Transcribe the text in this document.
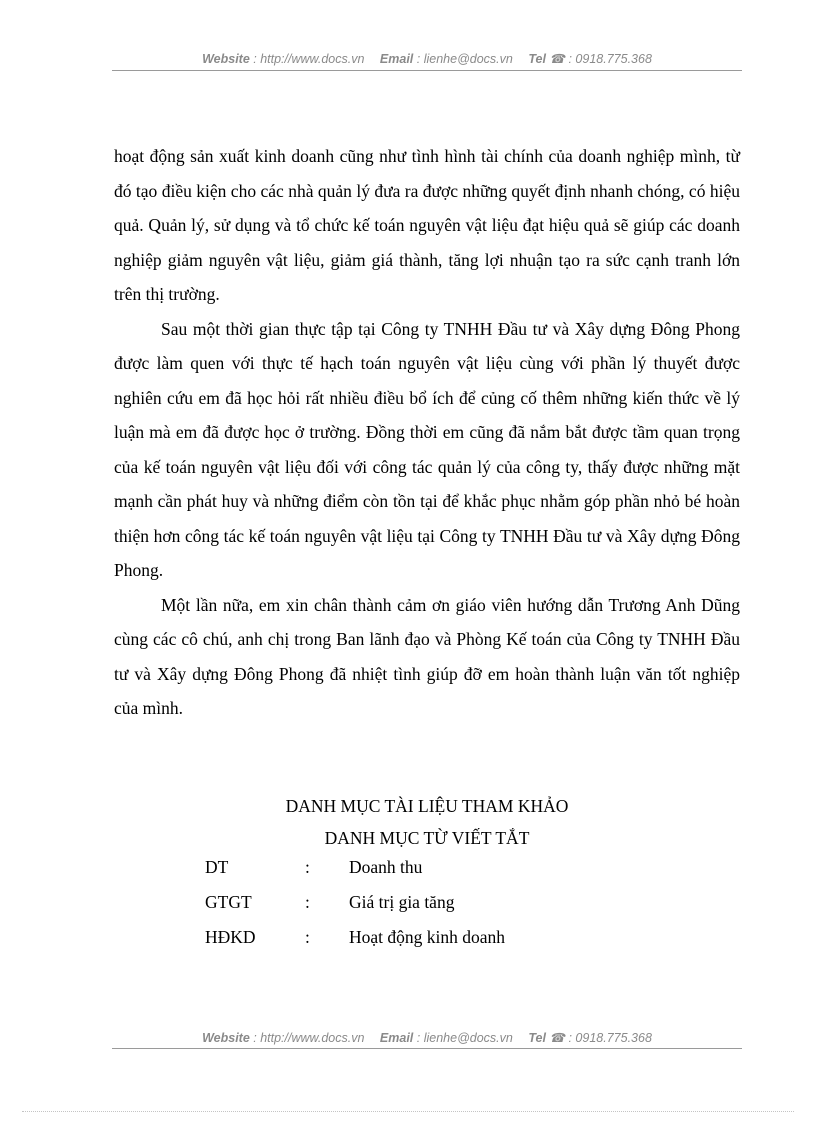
Website : http://www.docs.vn Email : lienhe@docs.vn Tel ☎ : 0918.775.368

hoạt động sản xuất kinh doanh cũng như tình hình tài chính của doanh nghiệp mình, từ đó tạo điều kiện cho các nhà quản lý đưa ra được những quyết định nhanh chóng, có hiệu quả. Quản lý, sử dụng và tổ chức kế toán nguyên vật liệu đạt hiệu quả sẽ giúp các doanh nghiệp giảm nguyên vật liệu, giảm giá thành, tăng lợi nhuận tạo ra sức cạnh tranh lớn trên thị trường.

Sau một thời gian thực tập tại Công ty TNHH Đầu tư và Xây dựng Đông Phong được làm quen với thực tế hạch toán nguyên vật liệu cùng với phần lý thuyết được nghiên cứu em đã học hỏi rất nhiều điều bổ ích để củng cố thêm những kiến thức về lý luận mà em đã được học ở trường. Đồng thời em cũng đã nắm bắt được tầm quan trọng của kế toán nguyên vật liệu đối với công tác quản lý của công ty, thấy được những mặt mạnh cần phát huy và những điểm còn tồn tại để khắc phục nhằm góp phần nhỏ bé hoàn thiện hơn công tác kế toán nguyên vật liệu tại Công ty TNHH Đầu tư và Xây dựng Đông Phong.

Một lần nữa, em xin chân thành cảm ơn giáo viên hướng dẫn Trương Anh Dũng cùng các cô chú, anh chị trong Ban lãnh đạo và Phòng Kế toán của Công ty TNHH Đầu tư và Xây dựng Đông Phong đã nhiệt tình giúp đỡ em hoàn thành luận văn tốt nghiệp của mình.

DANH MỤC TÀI LIỆU THAM KHẢO
DANH MỤC TỪ VIẾT TẮT
DT	: Doanh thu
GTGT	: Giá trị gia tăng
HĐKD	: Hoạt động kinh doanh
Website : http://www.docs.vn Email : lienhe@docs.vn Tel ☎ : 0918.775.368
